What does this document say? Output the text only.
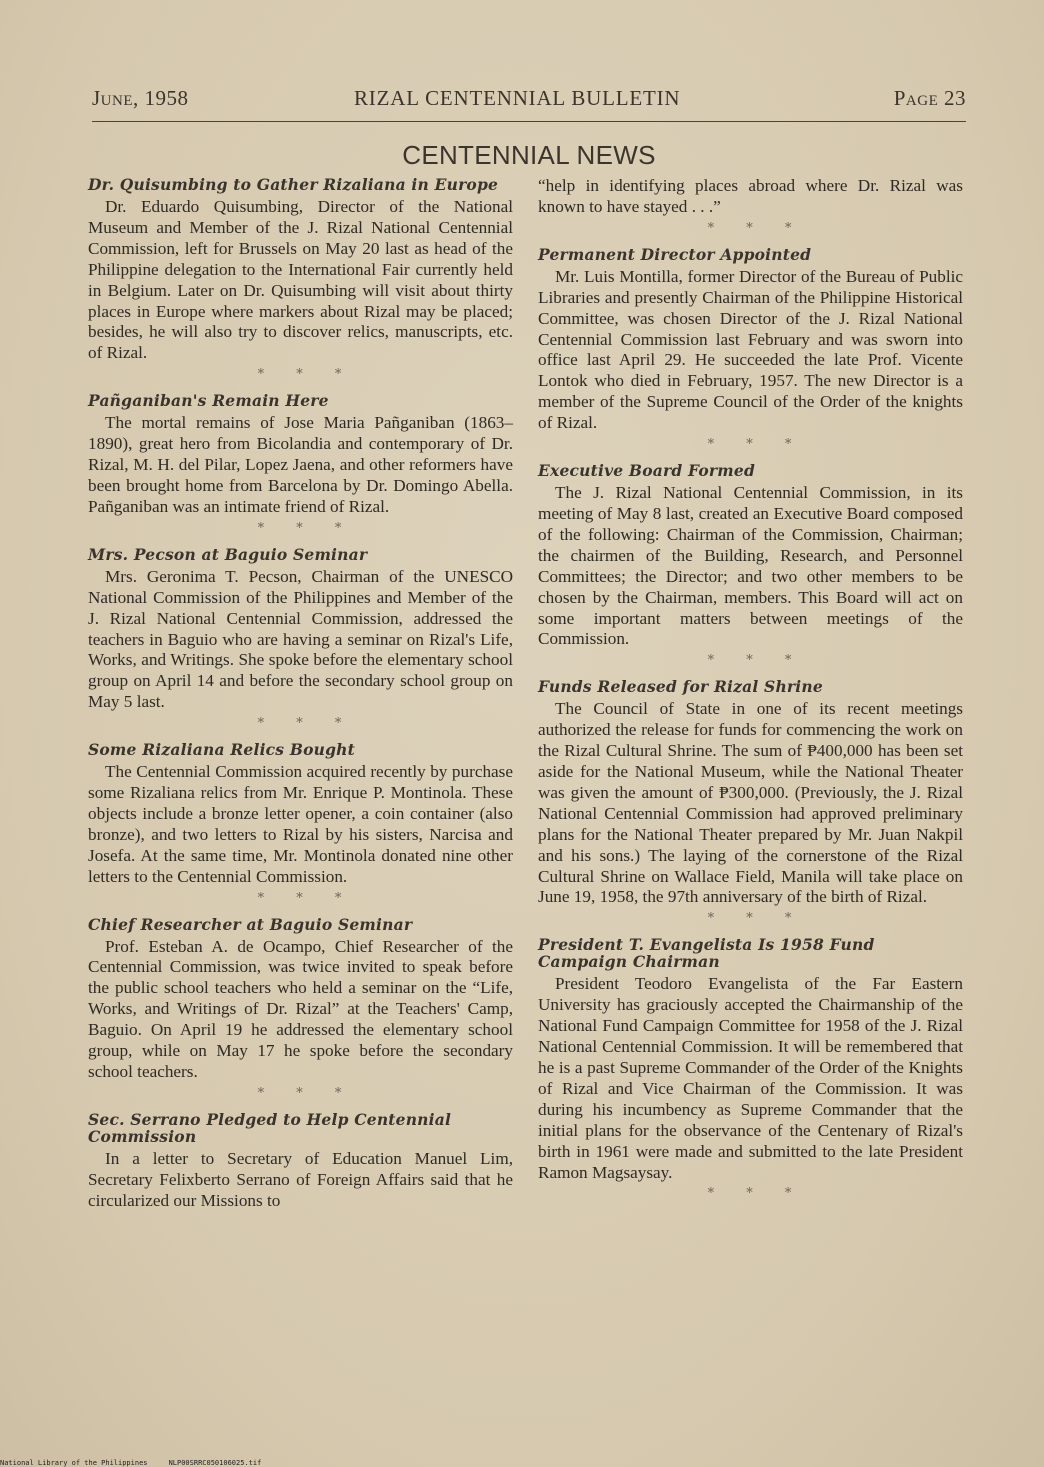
June, 1958	RIZAL CENTENNIAL BULLETIN	Page 23
CENTENNIAL NEWS
Dr. Quisumbing to Gather Rizaliana in Europe

Dr. Eduardo Quisumbing, Director of the National Museum and Member of the J. Rizal National Centennial Commission, left for Brussels on May 20 last as head of the Philippine delegation to the International Fair currently held in Belgium. Later on Dr. Quisumbing will visit about thirty places in Europe where markers about Rizal may be placed; besides, he will also try to discover relics, manuscripts, etc. of Rizal.

* * *
Pañganiban's Remain Here

The mortal remains of Jose Maria Pañganiban (1863–1890), great hero from Bicolandia and contemporary of Dr. Rizal, M. H. del Pilar, Lopez Jaena, and other reformers have been brought home from Barcelona by Dr. Domingo Abella. Pañganiban was an intimate friend of Rizal.

* * *
Mrs. Pecson at Baguio Seminar

Mrs. Geronima T. Pecson, Chairman of the UNESCO National Commission of the Philippines and Member of the J. Rizal National Centennial Commission, addressed the teachers in Baguio who are having a seminar on Rizal's Life, Works, and Writings. She spoke before the elementary school group on April 14 and before the secondary school group on May 5 last.

* * *
Some Rizaliana Relics Bought

The Centennial Commission acquired recently by purchase some Rizaliana relics from Mr. Enrique P. Montinola. These objects include a bronze letter opener, a coin container (also bronze), and two letters to Rizal by his sisters, Narcisa and Josefa. At the same time, Mr. Montinola donated nine other letters to the Centennial Commission.

* * *
Chief Researcher at Baguio Seminar

Prof. Esteban A. de Ocampo, Chief Researcher of the Centennial Commission, was twice invited to speak before the public school teachers who held a seminar on the “Life, Works, and Writings of Dr. Rizal” at the Teachers' Camp, Baguio. On April 19 he addressed the elementary school group, while on May 17 he spoke before the secondary school teachers.

* * *
Sec. Serrano Pledged to Help Centennial Commission

In a letter to Secretary of Education Manuel Lim, Secretary Felixberto Serrano of Foreign Affairs said that he circularized our Missions to

“help in identifying places abroad where Dr. Rizal was known to have stayed . . .”

* * *
Permanent Director Appointed

Mr. Luis Montilla, former Director of the Bureau of Public Libraries and presently Chairman of the Philippine Historical Committee, was chosen Director of the J. Rizal National Centennial Commission last February and was sworn into office last April 29. He succeeded the late Prof. Vicente Lontok who died in February, 1957. The new Director is a member of the Supreme Council of the Order of the knights of Rizal.

* * *
Executive Board Formed

The J. Rizal National Centennial Commission, in its meeting of May 8 last, created an Executive Board composed of the following: Chairman of the Commission, Chairman; the chairmen of the Building, Research, and Personnel Committees; the Director; and two other members to be chosen by the Chairman, members. This Board will act on some important matters between meetings of the Commission.

* * *
Funds Released for Rizal Shrine

The Council of State in one of its recent meetings authorized the release for funds for commencing the work on the Rizal Cultural Shrine. The sum of ₱400,000 has been set aside for the National Museum, while the National Theater was given the amount of ₱300,000. (Previously, the J. Rizal National Centennial Commission had approved preliminary plans for the National Theater prepared by Mr. Juan Nakpil and his sons.) The laying of the cornerstone of the Rizal Cultural Shrine on Wallace Field, Manila will take place on June 19, 1958, the 97th anniversary of the birth of Rizal.

* * *
President T. Evangelista Is 1958 Fund Campaign Chairman

President Teodoro Evangelista of the Far Eastern University has graciously accepted the Chairmanship of the National Fund Campaign Committee for 1958 of the J. Rizal National Centennial Commission. It will be remembered that he is a past Supreme Commander of the Order of the Knights of Rizal and Vice Chairman of the Commission. It was during his incumbency as Supreme Commander that the initial plans for the observance of the Centenary of Rizal's birth in 1961 were made and submitted to the late President Ramon Magsaysay.

* * *
National Library of the Philippines     NLP00SRRC050106025.tif
